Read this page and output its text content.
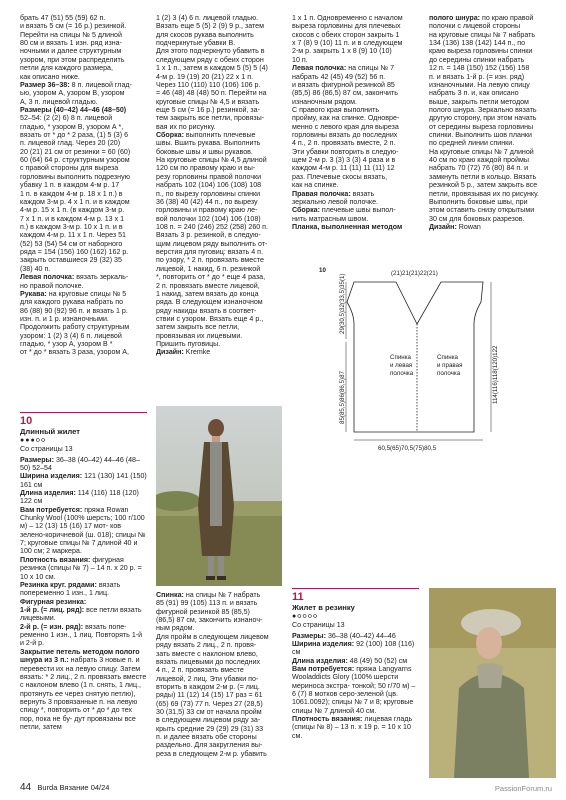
брать 47 (51) 55 (59) 62 п.
и вязать 5 см (= 16 р.) резинкой.
Перейти на спицы № 5 длиной
80 см и вязать 1 изн. ряд изна-
ночными и далее структурным
узором, при этом распределить
петли для каждого размера,
как описано ниже.

Размер 36–38: 8 п. лицевой глад-
ью, узором А, узором В, узором
А, 3 п. лицевой гладью.

Размеры (40–42) 44–46 (48–50)
52–54: (2 (2) 6) 8 п. лицевой
гладью, * узором В, узором А *,
вязать от * до * 2 раза, (1) 5 (3) 6
п. лицевой глад. Через 20 (20)
20 (21) 21 см от резинки = 60 (60)
60 (64) 64 р. структурным узором
с правой стороны для выреза
горловины выполнить подрезную
убавку 1 п. в каждом 4-м р. 17
1 п. в каждом 4-м р. 18 х 1 п.) в
каждом 3-м р. 4 х 1 п. и в каждом
4-м р. 15 х 1 п. (в каждом 3-м р.
7 х 1 п. и в каждом 4-м р. 13 х 1
п.) в каждом 3-м р. 10 х 1 п. и в
каждом 4-м р. 11 х 1 п. Через 51
(52) 53 (54) 54 см от наборного
ряда = 154 (156) 160 (162) 162 р.
закрыть оставшиеся 29 (32) 35
(38) 40 п.

Левая полочка: вязать зеркаль-
но правой полочке.

Рукава: на круговые спицы № 5
для каждого рукава набрать по
86 (88) 90 (92) 96 п. и вязать 1 р.
изн. п. и 1 р. изнаночными.
Продолжить работу структурным
узором: 1 (2) 3 (4) 6 п. лицевой
гладью, * узор А, узором В *
от * до * вязать 3 раза, узором А,

1 (2) 3 (4) 6 п. лицевой гладью.
Вязать еще 5 (5) 2 (9) 9 р., затем
для скосов рукава выполнить
подчеркнутые убавки В.
Для этого подчеркнуто убавить в
следующем ряду с обеих сторон
1 х 1 п., затем в каждом 5 (5) 5 (4)
4-м р. 19 (19) 20 (21) 22 х 1 п.
Через 110 (110) 110 (106) 106 р.
= 46 (48) 48 (48) 50 п. Перейти на
круговые спицы № 4,5 и вязать
еще 5 см (= 16 р.) резинкой, за-
тем закрыть все петли, провязы-
вая их по рисунку.

Сборка: выполнить плечевые
швы. Вшить рукава. Выполнить
боковые швы и швы рукавов.
На круговые спицы № 4,5 длиной
120 см по правому краю и вы-
резу горловины правой полочки
набрать 102 (104) 106 (108) 108
п., по вырезу горловины спинки
36 (38) 40 (42) 44 п., по вырезу
горловины и правому краю ле-
вой полочки 102 (104) 106 (108)
108 п. = 240 (246) 252 (258) 260 п.
Вязать 3 р. резинкой, в следую-
щим лицевом ряду выполнить от-
верстия для пуговиц: вязать 4 п.
по узору, * 2 п. провязать вместе
лицевой, 1 накид, 6 п. резинкой
*, повторить от * до * еще 4 раза,
2 п. провязать вместе лицевой,
1 накид, затем вязать до конца
ряда. В следующем изнаночном
ряду накиды вязать в соответ-
ствии с узором. Вязать еще 4 р.,
затем закрыть все петли,
провязывая их лицевыми.
Пришить пуговицы.

Дизайн: Kremke

1 х 1 п. Одновременно с началом
выреза горловины для плечевых
скосов с обеих сторон закрыть 1
х 7 (8) 9 (10) 11 п. и в следующем
2-м р. закрыть 1 х 8 (9) 10 (10)
10 п.

Левая полочка: на спицы № 7
набрать 42 (45) 49 (52) 56 п.
и вязать фигурной резинкой 85
(85,5) 86 (86,5) 87 см, закончить
изнаночным рядом.
С правого края выполнить
пройму, как на спинке. Одновре-
менно с левого края для выреза
горловины вязать до последних
4 п., 2 п. провязать вместе, 2 п.
Эти убавки повторить в следую-
щем 2-м р. 3 (3) 3 (3) 4 раза и в
каждом 4-м р. 11 (11) 11 (11) 12
раз. Плечевые скосы вязать,
как на спинке.

Правая полочка: вязать
зеркально левой полочке.

Сборка: плечевые швы выпол-
нить матрасным швом.

Планка, выполненная методом

полого шнура: по краю правой
полочки с лицевой стороны
на круговые спицы № 7 набрать
134 (136) 138 (142) 144 п., по
краю выреза горловины спинки
до середины спинки набрать
12 п. = 148 (150) 152 (156) 158
п. и вязать 1-й р. (= изн. ряд)
изнаночными. На левую спицу
набрать 3 п. и, как описано
выше, закрыть петли методом
полого шнура. Зеркально вязать
другую сторону, при этом начать
от середины выреза горловины
спинки. Выполнить шов планки
по средней линии спинки.
На круговые спицы № 7 длиной
40 см по краю каждой проймы
набрать 70 (72) 76 (80) 84 п. и
замкнуть петли в кольцо. Вязать
резинкой 5 р., затем закрыть все
петли, провязывая их по рисунку.
Выполнить боковые швы, при
этом оставить снизу открытыми
30 см для боковых разрезов.

Дизайн: Rowan

10
Длинный жилет
●●●●●
Со страницы 13

Размеры: 36–38 (40–42) 44–46 (48–50) 52–54

Ширина изделия: 121 (130) 141 (150) 161 см

Длина изделия: 114 (116) 118 (120) 122 см

Вам потребуется: пряжа Rowan Chunky Wool (100% шерсть; 100 г/100 м) – 12 (13) 15 (16) 17 мот- ков зелено-коричневой (ш. 018); спицы № 7; круговые спицы № 7 длиной 40 и 100 см; 2 маркера.

Плотность вязания: фигурная резинка (спицы № 7) – 14 п. x 20 р. = 10 x 10 см.

Резинка круг. рядами: вязать попеременно 1 изн., 1 лиц.

Фигурная резинка:

1-й р. (= лиц. ряд): все петли вязать лицевыми.

2-й р. (= изн. ряд): вязать попе- ременно 1 изн., 1 лиц. Повторять 1-й и 2-й р.

Закрытие петель методом полого шнура из 3 п.: набрать 3 новые п. и перевести их на левую спицу. Затем вязать: * 2 лиц., 2 п. провязать вместе с наклоном влево (1 п. снять, 1 лиц., протянуть ее через снятую петлю), вернуть 3 провязанные п. на левую спицу *, повторить от * до * до тех пор, пока не бу- дут провязаны все петли, затем

Спинка: на спицы № 7 набрать
85 (91) 99 (105) 113 п. и вязать
фигурной резинкой 85 (85,5)
(86,5) 87 см, закончить изнаноч-
ным рядом.
Для пройм в следующем лицевом
ряду вязать 2 лиц., 2 п. провя-
зать вместе с наклоном влево,
вязать лицевыми до последних
4 п., 2 п. провязать вместе
лицевой, 2 лиц. Эти убавки по-
вторить в каждом 2-м р. (= лиц.
ряды) 11 (12) 14 (15) 17 раз = 61
(65) 69 (73) 77 п. Через 27 (28,5)
30 (31,5) 33 см от начала пройм
в следующем лицевом ряду за-
крыть средние 29 (29) 29 (31) 33
п. и далее вязать обе стороны
раздельно. Для закругления вы-
реза в следующем 2-м р. убавить

10	(21)21(21)22(21)
29(30,5)32(33,5)35(1)
85(85,5)86(86,5)87	114(116)118(120)122
60,5(65)70,5(75)80,5
Спинка и левая полочка
Спинка и правая полочка
11
Жилет в резинку
●●●●●
Со страницы 13

Размеры: 36–38 (40–42) 44–46

Ширина изделия: 92 (100) 108 (116) см

Длина изделия: 48 (49) 50 (52) см

Вам потребуется: пряжа Langyarns Wooladdicts Glory (100% шерсти мериноса экстра- тонкой; 50 г/70 м) – 6 (7) 8 мотков серо-зеленой (цв. 1061.0092); спицы № 7 и 8; круговые спицы № 7 длиной 40 см.

Плотность вязания: лицевая гладь (спицы № 8) – 13 п. x 19 р. = 10 x 10 см.

44 Burda Вязание 04/24	PassionForum.ru
